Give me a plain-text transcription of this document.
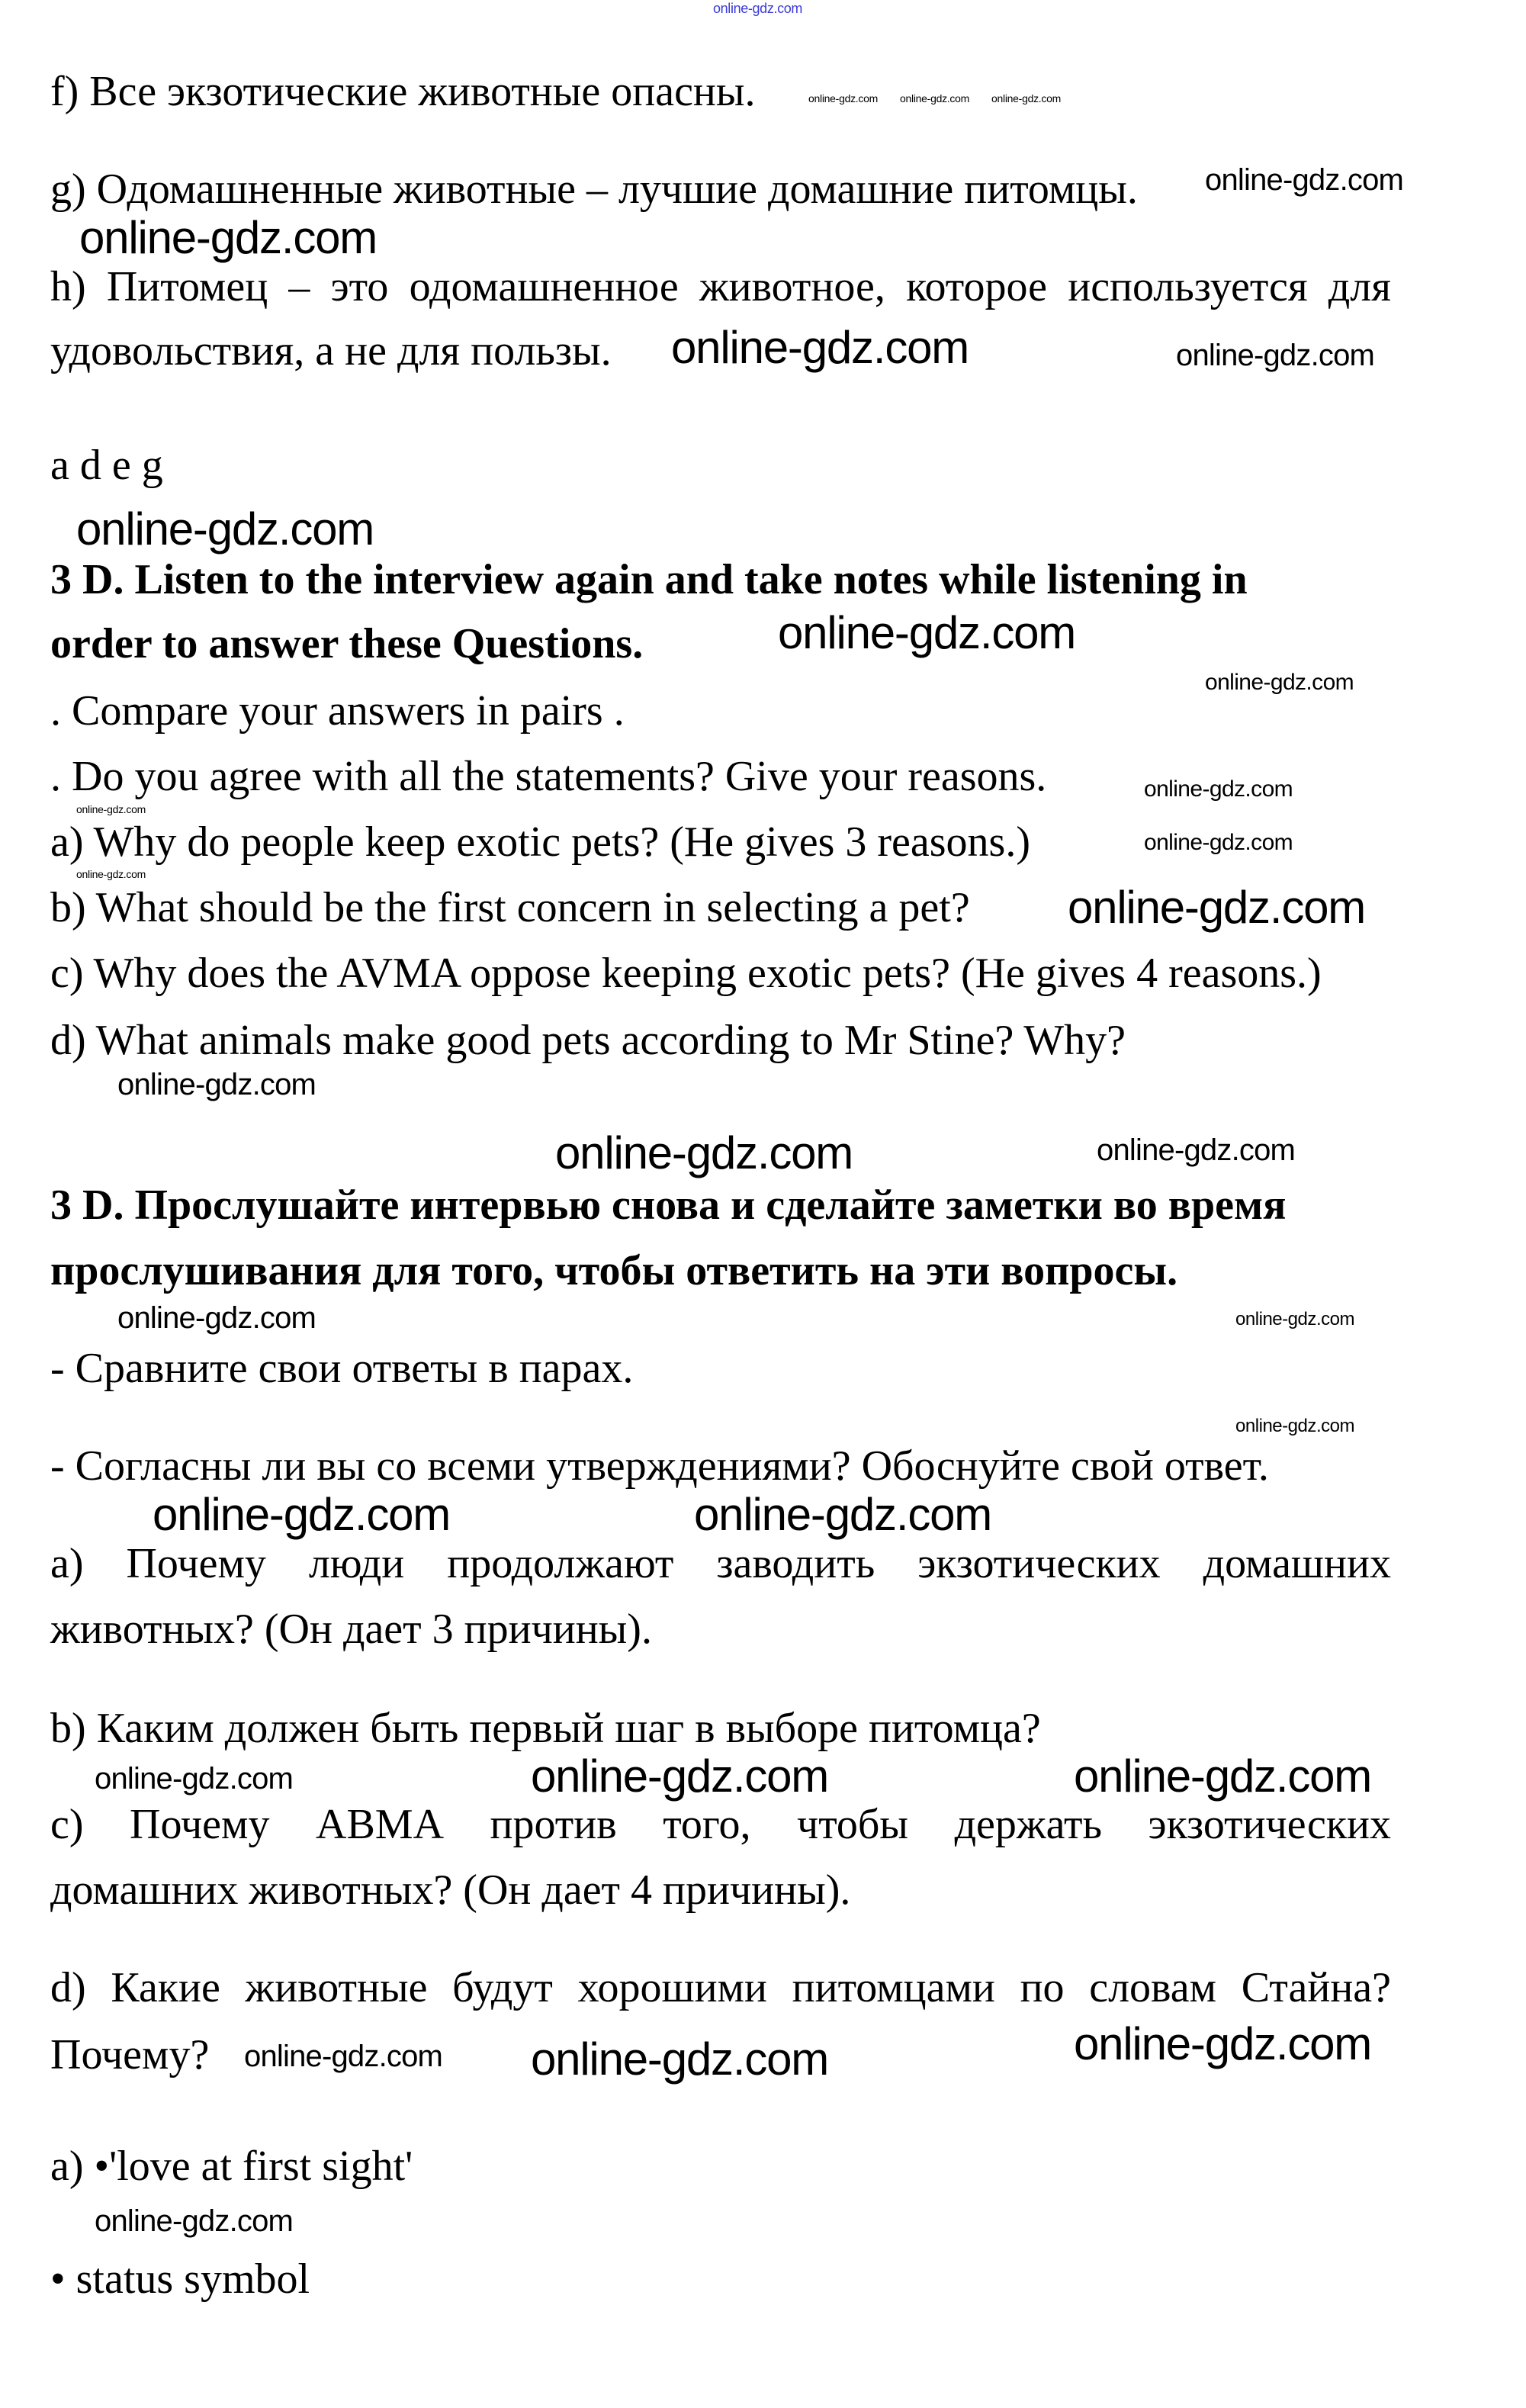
online-gdz.com
f) Все экзотические животные опасны.
g) Одомашненные животные – лучшие домашние питомцы.
h) Питомец – это одомашненное животное, которое используется для
удовольствия, а не для пользы.
a d e g
3 D. Listen to the interview again and take notes while listening in
order to answer these Questions.
. Compare your answers in pairs .
. Do you agree with all the statements? Give your reasons.
a) Why do people keep exotic pets? (He gives 3 reasons.)
b) What should be the first concern in selecting a pet?
c) Why does the AVMA oppose keeping exotic pets? (He gives 4 reasons.)
d) What animals make good pets according to Mr Stine? Why?
3 D. Прослушайте интервью снова и сделайте заметки во время
прослушивания для того, чтобы ответить на эти вопросы.
- Сравните свои ответы в парах.
- Согласны ли вы со всеми утверждениями? Обоснуйте свой ответ.
a) Почему люди продолжают заводить экзотических домашних
животных? (Он дает 3 причины).
b) Каким должен быть первый шаг в выборе питомца?
c) Почему АВМА против того, чтобы держать экзотических
домашних животных? (Он дает 4 причины).
d) Какие животные будут хорошими питомцами по словам Стайна?
Почему?
a) •'love at first sight'
• status symbol
online-gdz.com online-gdz.com online-gdz.com
online-gdz.com
online-gdz.com
online-gdz.com	online-gdz.com
online-gdz.com
online-gdz.com
online-gdz.com
online-gdz.com
online-gdz.com
online-gdz.com
online-gdz.com
online-gdz.com
online-gdz.com
online-gdz.com
online-gdz.com
online-gdz.com	online-gdz.com
online-gdz.com
online-gdz.com
online-gdz.com
online-gdz.com	online-gdz.com
online-gdz.com
online-gdz.com	online-gdz.com
online-gdz.com
online-gdz.com
